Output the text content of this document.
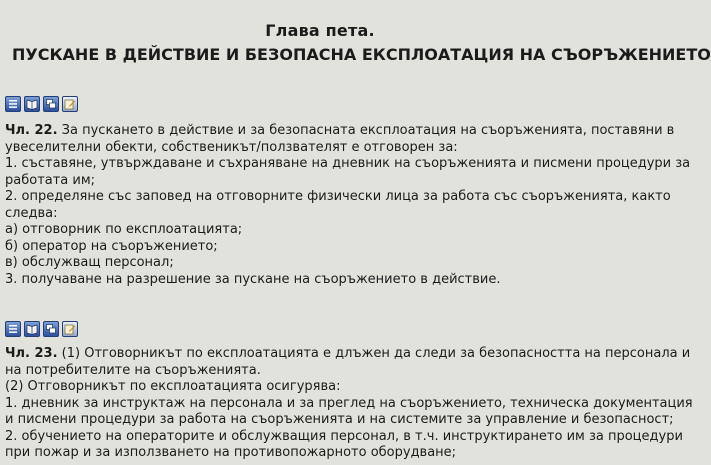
Глава пета.
ПУСКАНЕ В ДЕЙСТВИЕ И БЕЗОПАСНА ЕКСПЛОАТАЦИЯ НА СЪОРЪЖЕНИЕТО
Чл. 22. За пускането в действие и за безопасната експлоатация на съоръженията, поставяни в
увеселителни обекти, собственикът/ползвателят е отговорен за:
1. съставяне, утвърждаване и съхраняване на дневник на съоръженията и писмени процедури за
работата им;
2. определяне със заповед на отговорните физически лица за работа със съоръженията, както
следва:
а) отговорник по експлоатацията;
б) оператор на съоръжението;
в) обслужващ персонал;
3. получаване на разрешение за пускане на съоръжението в действие.
Чл. 23. (1) Отговорникът по експлоатацията е длъжен да следи за безопасността на персонала и
на потребителите на съоръженията.
(2) Отговорникът по експлоатацията осигурява:
1. дневник за инструктаж на персонала и за преглед на съоръжението, техническа документация
и писмени процедури за работа на съоръженията и на системите за управление и безопасност;
2. обучението на операторите и обслужващия персонал, в т.ч. инструктирането им за процедури
при пожар и за използването на противопожарното оборудване;
